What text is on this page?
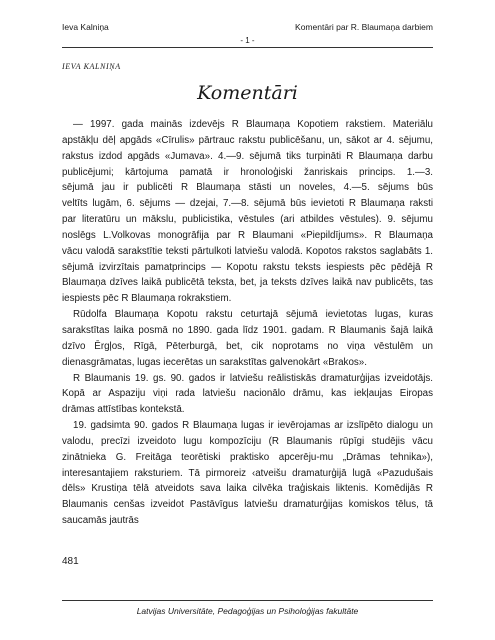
Ieva Kalniņa	Komentāri par R. Blaumaņa darbiem
- 1 -
IEVA KALNIŅA
Komentāri
— 1997. gada mainās izdevējs R Blaumaņa Kopotiem rakstiem. Materiālu
apstākļu dēļ apgāds «Cīrulis» pārtrauc rakstu publicēšanu, un, sākot ar 4. sējumu,
rakstus izdod apgāds «Jumava». 4.—9. sējumā tiks turpināti R Blaumaņa darbu
publicējumi; kārtojuma pamatā ir hronoloģiski žanriskais princips. 1.—3.
sējumā jau ir publicēti R Blaumaņa stāsti un noveles, 4.—5. sējums būs
veltīts lugām, 6. sējums — dzejai, 7.—8. sējumā būs ievietoti R Blaumaņa raksti
par literatūru un mākslu, publicistika, vēstules (ari atbildes vēstules). 9. sējumu
noslēgs L.Volkovas monogrāfija par R Blaumani «Piepildījums». R Blaumaņa
vācu valodā sarakstītie teksti pārtulkoti latviešu valodā. Kopotos rakstos saglabāts 1.
sējumā izvirzītais pamatprincips — Kopotu rakstu teksts iespiests pēc pēdējā R
Blaumaņa dzīves laikā publicētā teksta, bet, ja teksts dzīves laikā nav publicēts, tas
iespiests pēc R Blaumaņa rokrakstiem.
Rūdolfa Blaumaņa Kopotu rakstu ceturtajā sējumā ievietotas lugas, kuras
sarakstītas laika posmā no 1890. gada līdz 1901. gadam. R Blaumanis šajā laikā
dzīvo Ērgļos, Rīgā, Pēterburgā, bet, cik noprotams no viņa vēstulēm un
dienasgrāmatas, lugas iecerētas un sarakstītas galvenokārt «Brakos».
R Blaumanis 19. gs. 90. gados ir latviešu reālistiskās dramaturģijas izveidotājs.
Kopā ar Aspaziju viņi rada latviešu nacionālo drāmu, kas iekļaujas Eiropas
drāmas attīstības kontekstā.
19. gadsimta 90. gados R Blaumaņa lugas ir ievērojamas ar izslīpēto dialogu un
valodu, precīzi izveidoto lugu kompozīciju (R Blaumanis rūpīgi studējis vācu
zinātnieka G. Freitāga teorētiski praktisko apcerēju-mu „Drāmas tehnika»),
interesantajiem raksturiem. Tā pirmoreiz ‹atveišu dramaturģijā lugā «Pazudušais
dēls» Krustiņa tēlā atveidots sava laika cilvēka traģiskais liktenis. Komēdijās R
Blaumanis cenšas izveidot Pastāvīgus latviešu dramaturģijas komiskos tēlus, tā
saucamās jautrās
481
Latvijas Universitāte, Pedagoģijas un Psiholoģijas fakultāte
